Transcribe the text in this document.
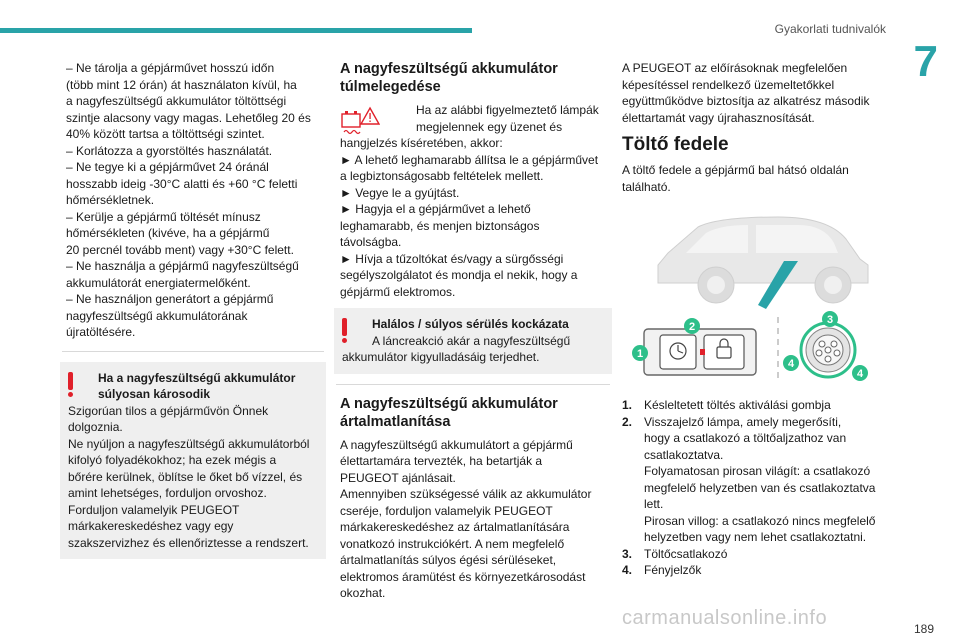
Gyakorlati tudnivalók
7
– Ne tárolja a gépjárművet hosszú időn
(több mint 12 órán) át használaton kívül, ha
a nagyfeszültségű akkumulátor töltöttségi
szintje alacsony vagy magas. Lehetőleg 20 és
40% között tartsa a töltöttségi szintet.
– Korlátozza a gyorstöltés használatát.
– Ne tegye ki a gépjárművet 24 óránál
hosszabb ideig -30°C alatti és +60 °C feletti
hőmérsékletnek.
– Kerülje a gépjármű töltését mínusz
hőmérsékleten (kivéve, ha a gépjármű
20 percnél tovább ment) vagy +30°C felett.
– Ne használja a gépjármű nagyfeszültségű
akkumulátorát energiatermelőként.
– Ne használjon generátort a gépjármű
nagyfeszültségű akkumulátorának
újratöltésére.
Ha a nagyfeszültségű akkumulátor
súlyosan károsodik
Szigorúan tilos a gépjárművön Önnek
dolgoznia.
Ne nyúljon a nagyfeszültségű akkumulátorból
kifolyó folyadékokhoz; ha ezek mégis a
bőrére kerülnek, öblítse le őket bő vízzel, és
amint lehetséges, forduljon orvoshoz.
Forduljon valamelyik PEUGEOT
márkakereskedéshez vagy egy
szakszervizhez és ellenőriztesse a rendszert.
A nagyfeszültségű akkumulátor
túlmelegedése
Ha az alábbi figyelmeztető lámpák
megjelennek egy üzenet és
hangjelzés kíséretében, akkor:
► A lehető leghamarabb állítsa le a gépjárművet
a legbiztonságosabb feltételek mellett.
► Vegye le a gyújtást.
► Hagyja el a gépjárművet a lehető
leghamarabb, és menjen biztonságos
távolságba.
► Hívja a tűzoltókat és/vagy a sürgősségi
segélyszolgálatot és mondja el nekik, hogy a
gépjármű elektromos.
Halálos / súlyos sérülés kockázata
A láncreakció akár a nagyfeszültségű
akkumulátor kigyulladásáig terjedhet.
A nagyfeszültségű akkumulátor
ártalmatlanítása
A nagyfeszültségű akkumulátort a gépjármű
élettartamára tervezték, ha betartják a
PEUGEOT ajánlásait.
Amennyiben szükségessé válik az akkumulátor
cseréje, forduljon valamelyik PEUGEOT
márkakereskedéshez az ártalmatlanítására
vonatkozó instrukciókért. A nem megfelelő
ártalmatlanítás súlyos égési sérüléseket,
elektromos áramütést és környezetkárosodást
okozhat.
A PEUGEOT az előírásoknak megfelelően
képesítéssel rendelkező üzemeltetőkkel
együttműködve biztosítja az alkatrész második
élettartamát vagy újrahasznosítását.
Töltő fedele
A töltő fedele a gépjármű bal hátsó oldalán
található.
1
2
3
4
4
1. Késleltetett töltés aktiválási gombja
2. Visszajelző lámpa, amely megerősíti,
hogy a csatlakozó a töltőaljzathoz van
csatlakoztatva.
Folyamatosan pirosan világít: a csatlakozó
megfelelő helyzetben van és csatlakoztatva
lett.
Pirosan villog: a csatlakozó nincs megfelelő
helyzetben vagy nem lehet csatlakoztatni.
3. Töltőcsatlakozó
4. Fényjelzők
carmanualsonline.info	189
